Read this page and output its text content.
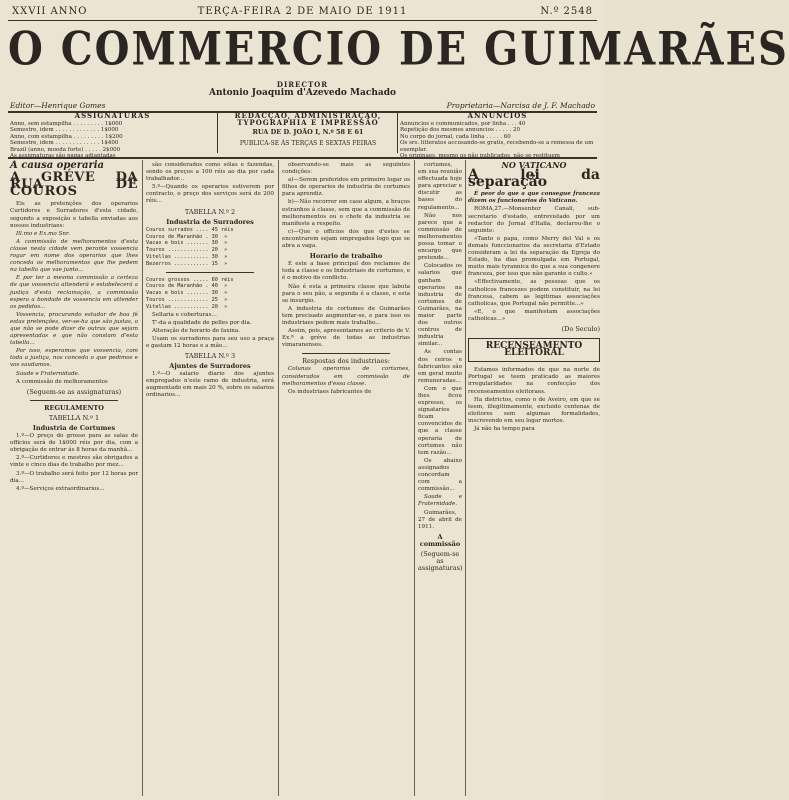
XXVII ANNO	TERÇA-FEIRA 2 DE MAIO DE 1911	N.º 2548
O COMMERCIO DE GUIMARÃES
DIRECTOR
Antonio Joaquim d'Azevedo Machado
Editor—Henrique Gomes	Proprietaria—Narcisa de J. F. Machado
ASSIGNATURAS
Anno, sem estampilha . . . . . . . . . 1$000
Semestre, idem . . . . . . . . . . . . . 1$000
Anno, com estampilha . . . . . . . . . 1$200
Semestre, idem . . . . . . . . . . . . . 1$400
Brazil (anno, moeda forte) . . . . . 2$000
As assignaturas são pagas adiantadas
REDACÇÃO, ADMINISTRAÇÃO, TYPOGRAPHIA E IMPRESSÃO
RUA DE D. JOÃO I, N.º 58 E 61
PUBLICA-SE ÁS TERÇAS E SEXTAS FEIRAS
ANNUNCIOS
Annuncios e communicados, por linha . . . 40
Repetição dos mesmos annuncios . . . . . 20
No corpo do jornal, cada linha . . . . . 60
Os srs. litteratos accusando-se gratis, recebendo-se a remessa de um exemplar.
Os originaes, mesmo os não publicados, não se restituem
A causa operaria
A GRÉVE DA RUA DE COUROS

Eis as pretenções dos operarios Curtidores e Surradores d'esta cidade, segundo a exposição e tabella enviadas aos nossos industriaes:

Ill.mo e Ex.mo Snr.

A commissão de melhoramentos d'esta classe nesta cidade vem perante vossencia rogar em nome dos operarios que lhes conceda os melhoramentos que lhe pedem na tabella que vae junto...

E por ter a mesma commissão a certeza de que vossencia attenderá e estabelecerá a justiça d'esta reclamação, a commissão espera a bondade de vossencia em attender os pedidos...

Vossencia, procurando estudar de boa fé estas pretenções, ver-se-ha que são justas, o que não se pode dizer de outras que sejam apresentadas e que não constam d'esta tabella...

Por isso, esperamos que vossencia, com toda a justiça, nos conceda o que pedimos e vos saudamos.

Saude e Fraternidade.

A commissão de melhoramentos

(Seguem-se as assignaturas)

REGULAMENTO

TABELLA N.º 1

Industria de Cortumes

1.º—O preço do grosso para as salas de officios será de 1$000 réis por dia, com a obrigação de entrar ás 8 horas da manhã...

2.º—Curtidores e mestres são obrigados a vinte e cinco dias de trabalho por mez...

3.º—O trabalho será feito por 12 horas por dia...

4.º—Serviços extraordinarios...

são considerados como sólas e fazendas, sendo os preços a 100 réis ao dia por cada trabalhador...

5.º—Quando os operarios estiverem por contracto, o preço dos serviços será de 200 réis...

TABELLA N.º 2

Industria de Surradores

Couros surrados .... 45 réis
Couros de Maranhão . 30  »
Vacas e bois ....... 30  »
Touros ............. 20  »
Vitellas ........... 30  »
Bezerros ........... 15  »

Couros grossos ..... 60 réis
Couros de Maranhão . 40  »
Vacas e bois ....... 30  »
Touros ............. 25  »
Vitellas ........... 20  »

Sellaria e coberturas...

T'-da a qualidade de pelles por dia.

Alteração de horario de faxina.

Usam os surradores para seu uso a praça e gastam 12 horas e a mão...

TABELLA N.º 3

Ajuntes de Surradores

1.º—O salario diario dos ajuntes empregados n'este ramo de industria, será augmentado em mais 20 %, sobre os salarios ordinarios...

observando-se mais as seguintes condições:

a)—Serem preferidos em primeiro logar os filhos de operarios de industria de cortumes para aprendiz.

b)—Não recorrer em caso algum, a braços estranhos á classe, sem que a commissão de melhoramentos ou o chefe da industria se manifeste a respeito.

c)—Que o officios dos que d'estes se encontrarem sejam empregados logo que se abra a vaga.

Horario de trabalho

E este a base principal dos reclamos de toda a classe e os Industriaes de cortumes, e é o motivo do conflicto.

Não é esta a primeira classe que labuta para o seu pão, a segunda é a classe, e esta se insurgio.

A industria de cortumes de Guimarães tem precisado augmentar-se, e para isso os industriaes pedem mais trabalho...

Assim, pois, apresentamos ao criterio de V. Ex.ª a gréve de todas as industrias vimaranenses.

Respostas dos industriaes:

Colunas operarios de cortumes, considerados em commissão de melhoramentos d'essa classe.

Os industriaes fabricantes de

cortumes, em sua reunião effectuada hoje para apreciar e discutir as bases do regulamento...

Não nos parece que a commissão de melhoramentos possa tomar o encargo que pretende...

Colocados os salarios que ganham operarios na industria de cortumes de Guimarães, na maior parte dos outros centros de industria similar...

As contas dos ceiros e fabricantes são em geral muito remuneradas...

Com o que lhes ficou expresso, os signatarios ficam convencidos de que a classe operaria de cortumes não tem razão...

Os abaixo assignados concordam com a commissão...

Saude e Fraternidade.

Guimarães, 27 de abril de 1911.

A commissão

(Seguem-se as assignaturas)

NO VATICANO
A lei da separação

É peor do que a que consegue franceza dizem os funcionarios do Vaticano.

ROMA,27.—Monsenhor Canali, sub-secretario d'estado, entrevistado por um redactor do Jornal d'Italia, declarou-lhe o seguinte:

«Tanto o papa, como Merry del Val e os demais funccionarios da secretaria d'Estado consideram a lei da separação da Egreja do Estado, ha dias promulgada em Portugal, muito mais tyrannica do que a sua congenere franceza, por isso que não garante o culto.»

«Effectivamente, as pessoas que os catholicos francezes podem constituir, na lei francesa, cabem as legitimas associações catholicas, que Portugal não permitte...»

«E, o que manifestam associações catholicas...»

(Do Seculo)

RECENSEAMENTO ELEITORAL

Estamos informados de que na norte de Portugal se teem praticado as maiores irregularidades na confecção dos recenseamentos eleitoraes.

Ha districtos, como o de Aveiro, em que se teem, illegitimamente, excluido centenas de eleitores sem algumas formalidades, inscrevendo em seu logar mortos.

Já não ha tempo para
